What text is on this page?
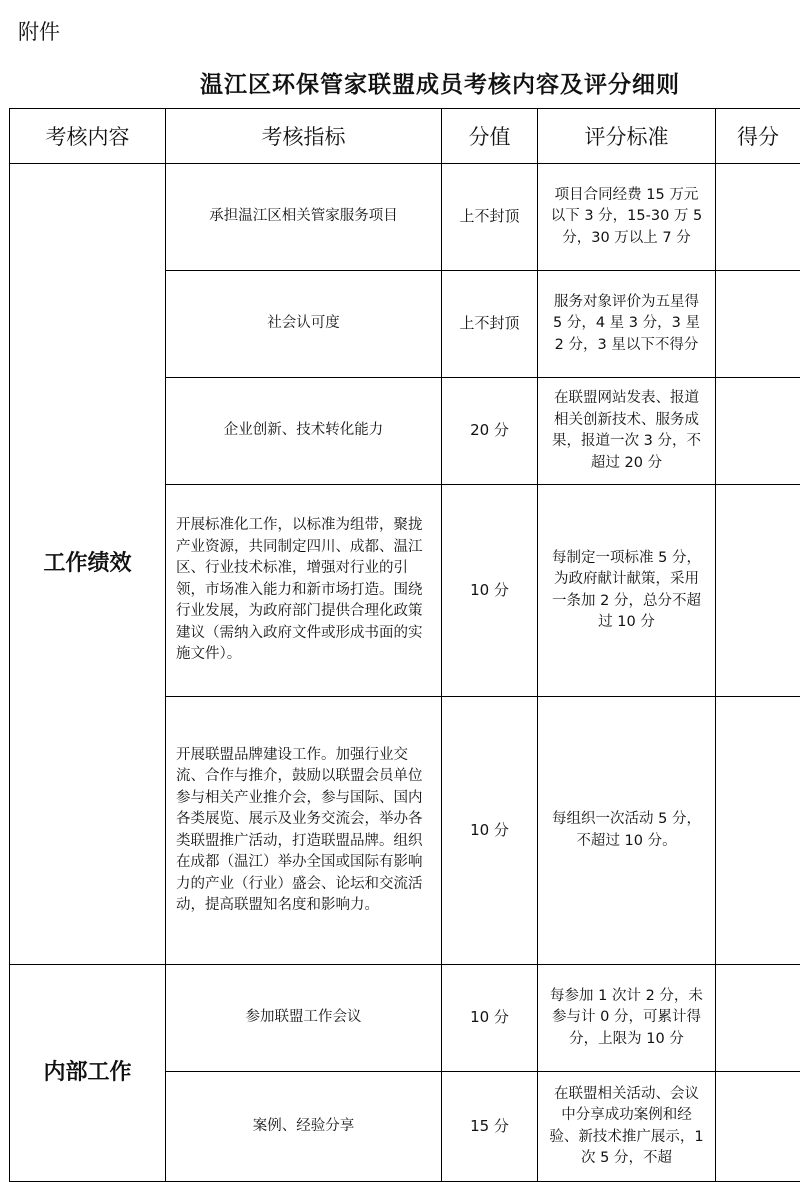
附件
温江区环保管家联盟成员考核内容及评分细则
考核内容	考核指标	分值	评分标准	得分
工作绩效	承担温江区相关管家服务项目	上不封顶	项目合同经费 15 万元以下 3 分，15-30 万 5 分，30 万以上 7 分	

	社会认可度	上不封顶	服务对象评价为五星得 5 分，4 星 3 分，3 星 2 分，3 星以下不得分	

	企业创新、技术转化能力	20 分	在联盟网站发表、报道相关创新技术、服务成果，报道一次 3 分，不超过 20 分	

	开展标准化工作，以标准为组带，聚拢产业资源，共同制定四川、成都、温江区、行业技术标准，增强对行业的引领，市场准入能力和新市场打造。围绕行业发展，为政府部门提供合理化政策建议（需纳入政府文件或形成书面的实施文件）。	10 分	每制定一项标准 5 分，为政府献计献策，采用一条加 2 分，总分不超过 10 分	

	开展联盟品牌建设工作。加强行业交流、合作与推介，鼓励以联盟会员单位参与相关产业推介会，参与国际、国内各类展览、展示及业务交流会，举办各类联盟推广活动，打造联盟品牌。组织在成都（温江）举办全国或国际有影响力的产业（行业）盛会、论坛和交流活动，提高联盟知名度和影响力。	10 分	每组织一次活动 5 分，不超过 10 分。	

内部工作	参加联盟工作会议	10 分	每参加 1 次计 2 分，未参与计 0 分，可累计得分，上限为 10 分	

	案例、经验分享	15 分	在联盟相关活动、会议中分享成功案例和经验、新技术推广展示，1 次 5 分，不超	
